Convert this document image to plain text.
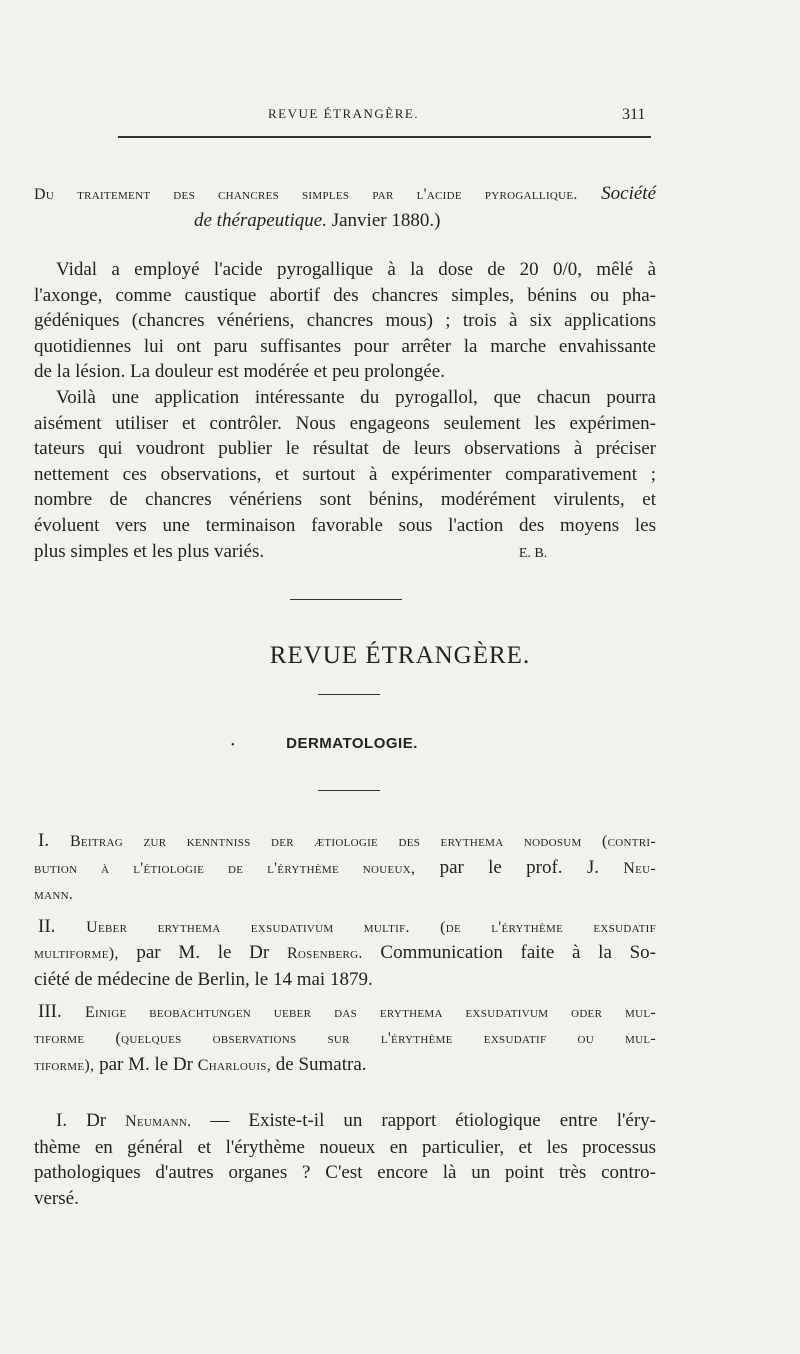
REVUE ÉTRANGÈRE.	311
Du traitement des chancres simples par l'acide pyrogallique. Société
de thérapeutique. Janvier 1880.)
Vidal a employé l'acide pyrogallique à la dose de 20 0/0, mêlé à
l'axonge, comme caustique abortif des chancres simples, bénins ou pha-
gédéniques (chancres vénériens, chancres mous) ; trois à six applications
quotidiennes lui ont paru suffisantes pour arrêter la marche envahissante
de la lésion. La douleur est modérée et peu prolongée.
Voilà une application intéressante du pyrogallol, que chacun pourra
aisément utiliser et contrôler. Nous engageons seulement les expérimen-
tateurs qui voudront publier le résultat de leurs observations à préciser
nettement ces observations, et surtout à expérimenter comparativement ;
nombre de chancres vénériens sont bénins, modérément virulents, et
évoluent vers une terminaison favorable sous l'action des moyens les
plus simples et les plus variés.	E. B.
REVUE ÉTRANGÈRE.
•	DERMATOLOGIE.
I. Beitrag zur kenntniss der ætiologie des erythema nodosum (contri-
bution à l'étiologie de l'érythème noueux, par le prof. J. Neu-
mann.
II. Ueber erythema exsudativum multif. (de l'érythème exsudatif
multiforme), par M. le Dr Rosenberg. Communication faite à la So-
ciété de médecine de Berlin, le 14 mai 1879.
III. Einige beobachtungen ueber das erythema exsudativum oder mul-
tiforme (quelques observations sur l'érythème exsudatif ou mul-
tiforme), par M. le Dr Charlouis, de Sumatra.
I. Dr Neumann. — Existe-t-il un rapport étiologique entre l'éry-
thème en général et l'érythème noueux en particulier, et les processus
pathologiques d'autres organes ? C'est encore là un point très contro-
versé.
